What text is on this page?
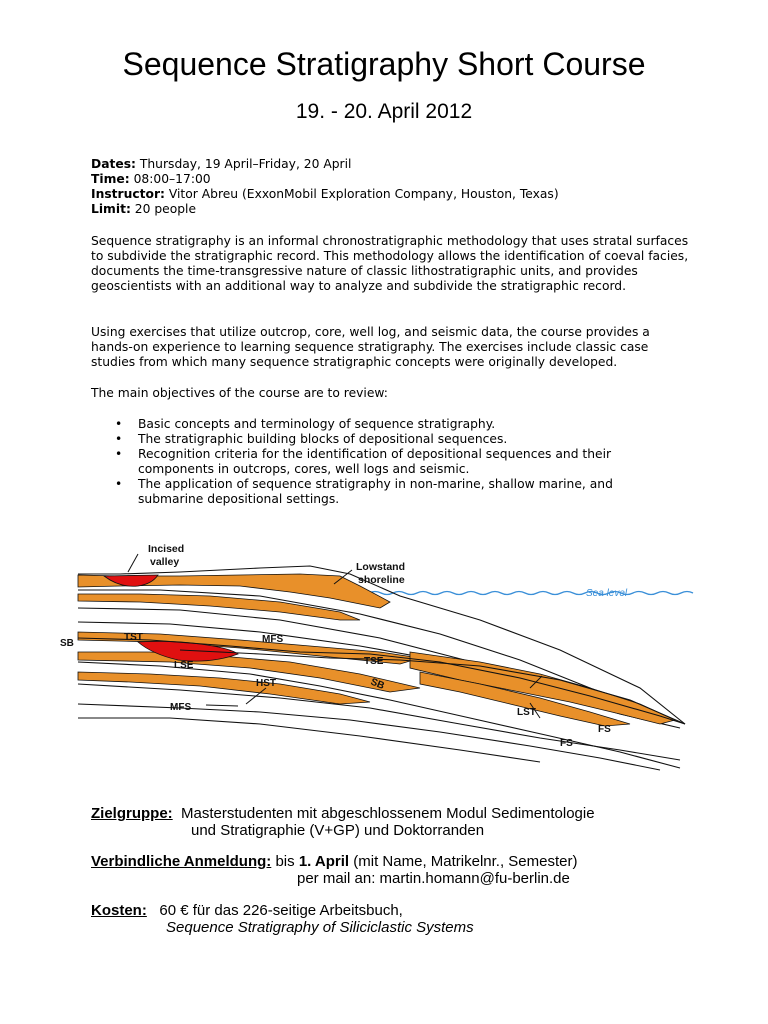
Sequence Stratigraphy Short Course
19. - 20. April 2012
Dates: Thursday, 19 April–Friday, 20 April
Time: 08:00–17:00
Instructor: Vitor Abreu (ExxonMobil Exploration Company, Houston, Texas)
Limit: 20 people
Sequence stratigraphy is an informal chronostratigraphic methodology that uses stratal surfaces to subdivide the stratigraphic record. This methodology allows the identification of coeval facies, documents the time-transgressive nature of classic lithostratigraphic units, and provides geoscientists with an additional way to analyze and subdivide the stratigraphic record.
Using exercises that utilize outcrop, core, well log, and seismic data, the course provides a hands-on experience to learning sequence stratigraphy. The exercises include classic case studies from which many sequence stratigraphic concepts were originally developed.
The main objectives of the course are to review:
• Basic concepts and terminology of sequence stratigraphy.
• The stratigraphic building blocks of depositional sequences.
• Recognition criteria for the identification of depositional sequences and their components in outcrops, cores, well logs and seismic.
• The application of sequence stratigraphy in non-marine, shallow marine, and submarine depositional settings.
Incised
valley	Lowstand
shoreline
Sea level
SB
TST	MFS
LSE	TSE
SB
HST
MFS	LST
FS
FS
Zielgruppe: Masterstudenten mit abgeschlossenem Modul Sedimentologie
und Stratigraphie (V+GP) und Doktorranden
Verbindliche Anmeldung: bis 1. April (mit Name, Matrikelnr., Semester)
per mail an: martin.homann@fu-berlin.de
Kosten: 60 € für das 226-seitige Arbeitsbuch,
Sequence Stratigraphy of Siliciclastic Systems
